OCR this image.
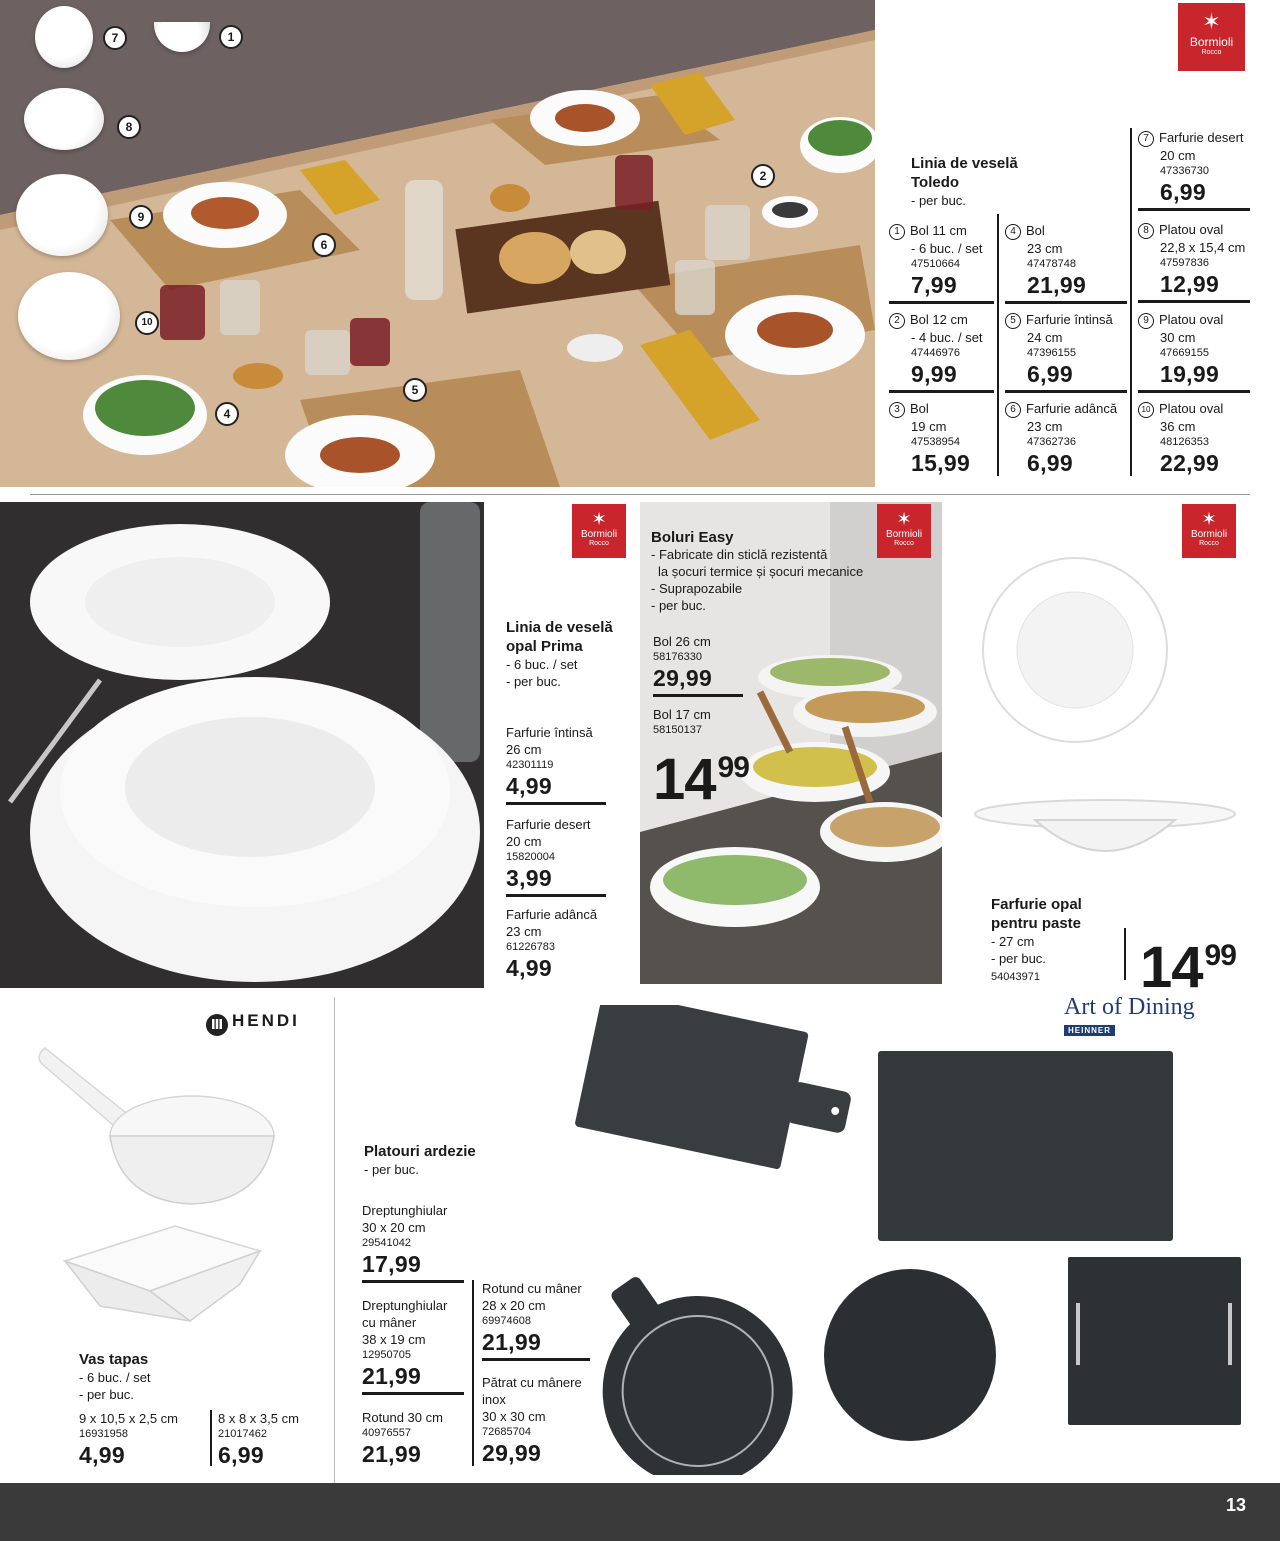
7	1
8
2
9
6
10
5
4
✶
Bormioli
Rocco
Linia de veselă Toledo
- per buc.
7 Farfurie desert
20 cm
47336730
6,99
1 Bol 11 cm
- 6 buc. / set
47510664
7,99
4 Bol
23 cm
47478748
21,99
8 Platou oval
22,8 x 15,4 cm
47597836
12,99
2 Bol 12 cm
- 4 buc. / set
47446976
9,99
5 Farfurie întinsă
24 cm
47396155
6,99
9 Platou oval
30 cm
47669155
19,99
3 Bol
19 cm
47538954
15,99
6 Farfurie adâncă
23 cm
47362736
6,99
10 Platou oval
36 cm
48126353
22,99
✶
Bormioli
Rocco
Linia de veselă opal Prima
- 6 buc. / set
- per buc.
Farfurie întinsă
26 cm
42301119
4,99
Farfurie desert
20 cm
15820004
3,99
Farfurie adâncă
23 cm
61226783
4,99
✶
Bormioli
Rocco
Boluri Easy
- Fabricate din sticlă rezistentă
la șocuri termice și șocuri mecanice
- Suprapozabile
- per buc.
Bol 26 cm
58176330
29,99
Bol 17 cm
58150137
$14^{99}$
✶
Bormioli
Rocco
Farfurie opal pentru paste
- 27 cm
- per buc.
54043971 $14^{99}$
Ⅲ HENDI
Vas tapas
- 6 buc. / set
- per buc.
9 x 10,5 x 2,5 cm
16931958
4,99
8 x 8 x 3,5 cm
21017462
6,99
Platouri ardezie
- per buc.
Dreptunghiular
30 x 20 cm
29541042
17,99
Dreptunghiular
cu mâner
38 x 19 cm
12950705
21,99
Rotund 30 cm
40976557
21,99
Rotund cu mâner
28 x 20 cm
69974608
21,99
Pătrat cu mânere
inox
30 x 30 cm
72685704
29,99
Art of Dining
HEINNER
13
